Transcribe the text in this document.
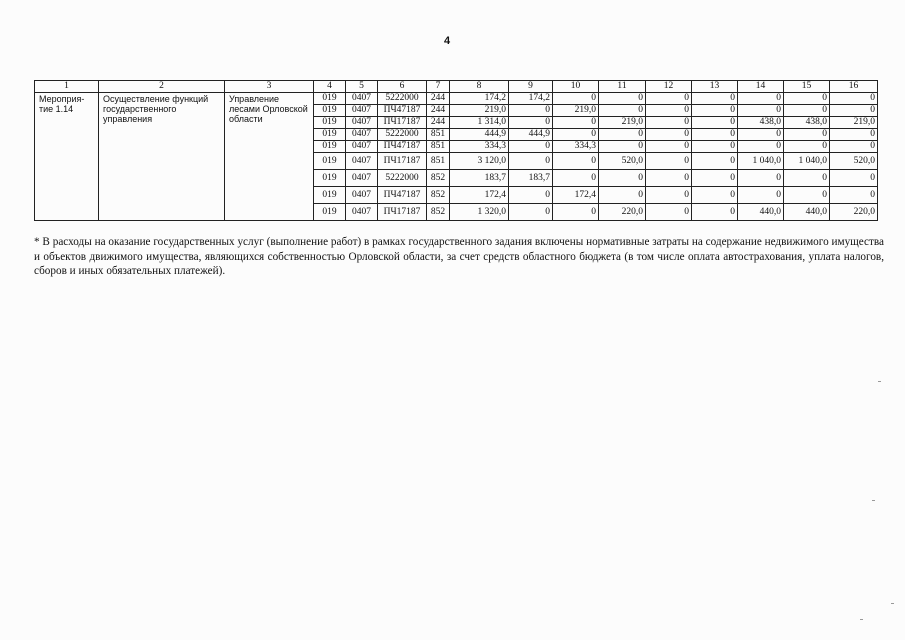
4
1	2	3	4	5	6	7	8	9	10	11	12	13	14	15	16
Мероприя-тие 1.14	Осуществление функций государственного управления	Управление лесами Орловской области	019	0407	5222000	244	174,2	174,2	0	0	0	0	0	0	0
			019	0407	ПЧ47187	244	219,0	0	219,0	0	0	0	0	0	0
			019	0407	ПЧ17187	244	1 314,0	0	0	219,0	0	0	438,0	438,0	219,0
			019	0407	5222000	851	444,9	444,9	0	0	0	0	0	0	0
			019	0407	ПЧ47187	851	334,3	0	334,3	0	0	0	0	0	0
			019	0407	ПЧ17187	851	3 120,0	0	0	520,0	0	0	1 040,0	1 040,0	520,0
			019	0407	5222000	852	183,7	183,7	0	0	0	0	0	0	0
			019	0407	ПЧ47187	852	172,4	0	172,4	0	0	0	0	0	0
			019	0407	ПЧ17187	852	1 320,0	0	0	220,0	0	0	440,0	440,0	220,0

* В расходы на оказание государственных услуг (выполнение работ) в рамках государственного задания включены нормативные затраты на содержание недвижимого имущества и объектов движимого имущества, являющихся собственностью Орловской области, за счет средств областного бюджета (в том числе оплата автострахования, уплата налогов, сборов и иных обязательных платежей).
